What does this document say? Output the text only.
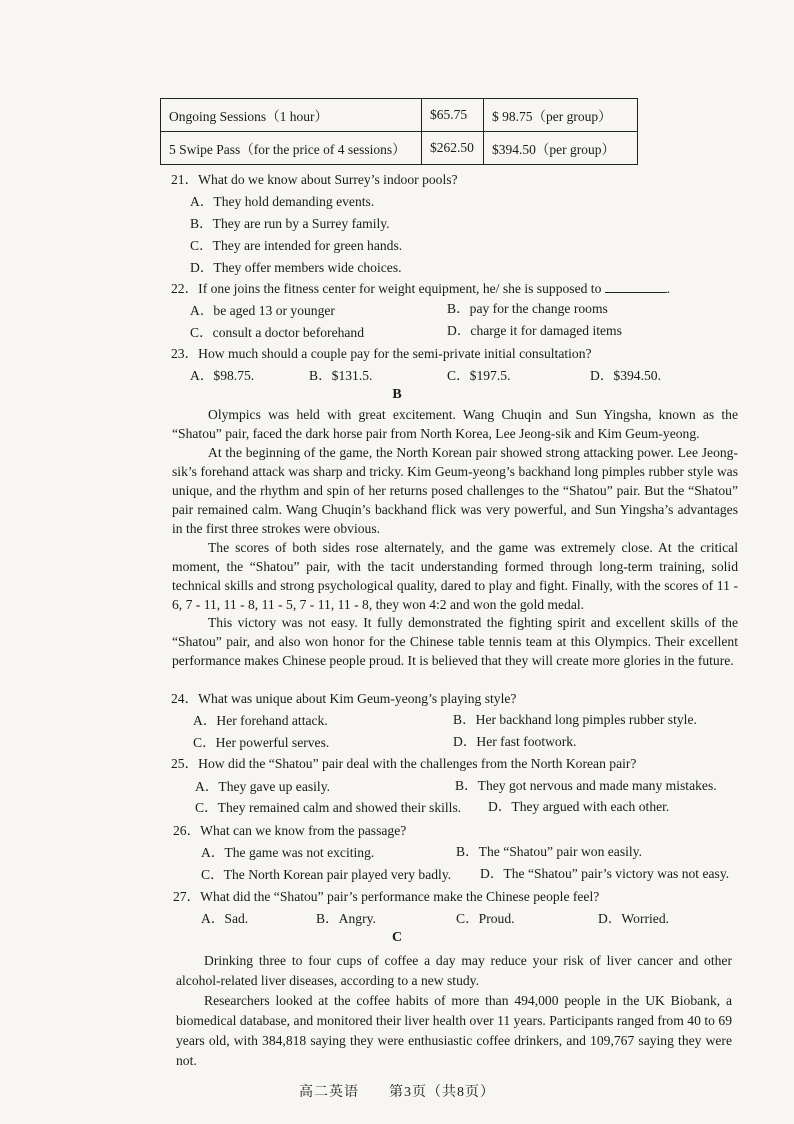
Ongoing Sessions（1 hour）	$65.75	$ 98.75（per group）
5 Swipe Pass（for the price of 4 sessions）	$262.50	$394.50（per group）
21．What do we know about Surrey’s indoor pools?
A．They hold demanding events.
B．They are run by a Surrey family.
C．They are intended for green hands.
D．They offer members wide choices.
22．If one joins the fitness center for weight equipment, he/ she is supposed to	.
A．be aged 13 or younger	B．pay for the change rooms
C．consult a doctor beforehand	D．charge it for damaged items
23．How much should a couple pay for the semi-private initial consultation?
A．$98.75.	B．$131.5.	C．$197.5.	D．$394.50.
B
Olympics was held with great excitement. Wang Chuqin and Sun Yingsha, known as the “Shatou” pair, faced the dark horse pair from North Korea, Lee Jeong-sik and Kim Geum-yeong.
At the beginning of the game, the North Korean pair showed strong attacking power. Lee Jeong-sik’s forehand attack was sharp and tricky. Kim Geum-yeong’s backhand long pimples rubber style was unique, and the rhythm and spin of her returns posed challenges to the “Shatou” pair. But the “Shatou” pair remained calm. Wang Chuqin’s backhand flick was very powerful, and Sun Yingsha’s advantages in the first three strokes were obvious.
The scores of both sides rose alternately, and the game was extremely close. At the critical moment, the “Shatou” pair, with the tacit understanding formed through long-term training, solid technical skills and strong psychological quality, dared to play and fight. Finally, with the scores of 11 - 6, 7 - 11, 11 - 8, 11 - 5, 7 - 11, 11 - 8, they won 4:2 and won the gold medal.
This victory was not easy. It fully demonstrated the fighting spirit and excellent skills of the “Shatou” pair, and also won honor for the Chinese table tennis team at this Olympics. Their excellent performance makes Chinese people proud. It is believed that they will create more glories in the future.
24．What was unique about Kim Geum-yeong’s playing style?
A．Her forehand attack.	B．Her backhand long pimples rubber style.
C．Her powerful serves.	D．Her fast footwork.
25．How did the “Shatou” pair deal with the challenges from the North Korean pair?
A．They gave up easily.	B．They got nervous and made many mistakes.
C．They remained calm and showed their skills. D．They argued with each other.
26．What can we know from the passage?
A．The game was not exciting.	B．The “Shatou” pair won easily.
C．The North Korean pair played very badly. D．The “Shatou” pair’s victory was not easy.
27．What did the “Shatou” pair’s performance make the Chinese people feel?
A．Sad.	B．Angry.	C．Proud.	D．Worried.
C
Drinking three to four cups of coffee a day may reduce your risk of liver cancer and other alcohol-related liver diseases, according to a new study.
Researchers looked at the coffee habits of more than 494,000 people in the UK Biobank, a biomedical database, and monitored their liver health over 11 years. Participants ranged from 40 to 69 years old, with 384,818 saying they were enthusiastic coffee drinkers, and 109,767 saying they were not.
高二英语　　第3页（共8页）
